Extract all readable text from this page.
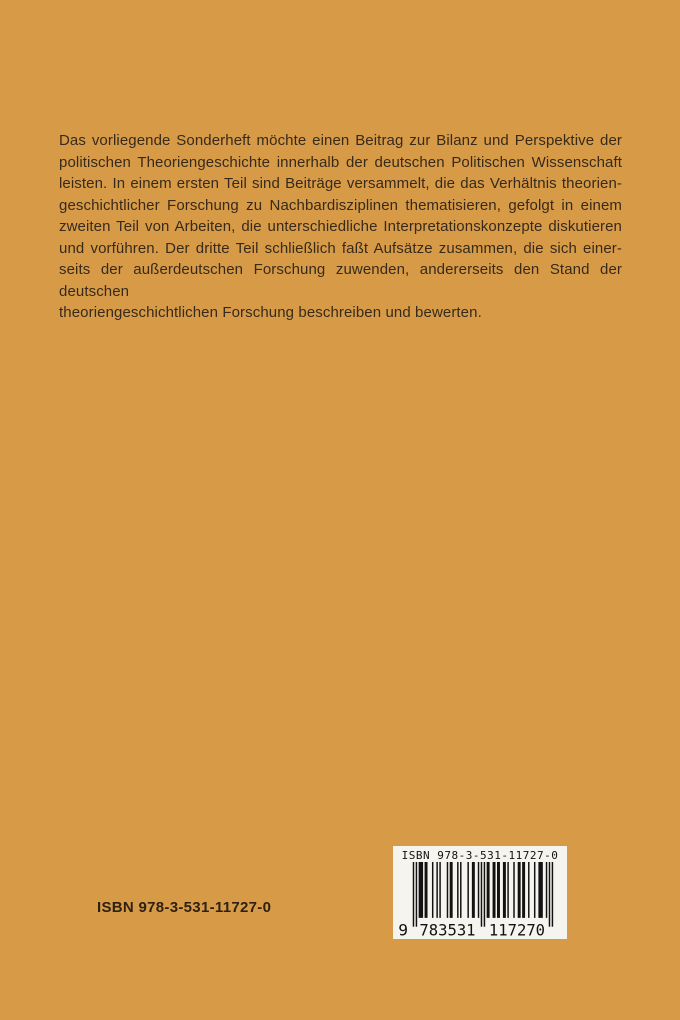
Das vorliegende Sonderheft möchte einen Beitrag zur Bilanz und Perspektive der
politischen Theoriengeschichte innerhalb der deutschen Politischen Wissenschaft
leisten. In einem ersten Teil sind Beiträge versammelt, die das Verhältnis theorien-
geschichtlicher Forschung zu Nachbardisziplinen thematisieren, gefolgt in einem
zweiten Teil von Arbeiten, die unterschiedliche Interpretationskonzepte diskutieren
und vorführen. Der dritte Teil schließlich faßt Aufsätze zusammen, die sich einer-
seits der außerdeutschen Forschung zuwenden, andererseits den Stand der deutschen
theoriengeschichtlichen Forschung beschreiben und bewerten.
ISBN 978-3-531-11727-0
ISBN 978-3-531-11727-0
9 783531 117270
